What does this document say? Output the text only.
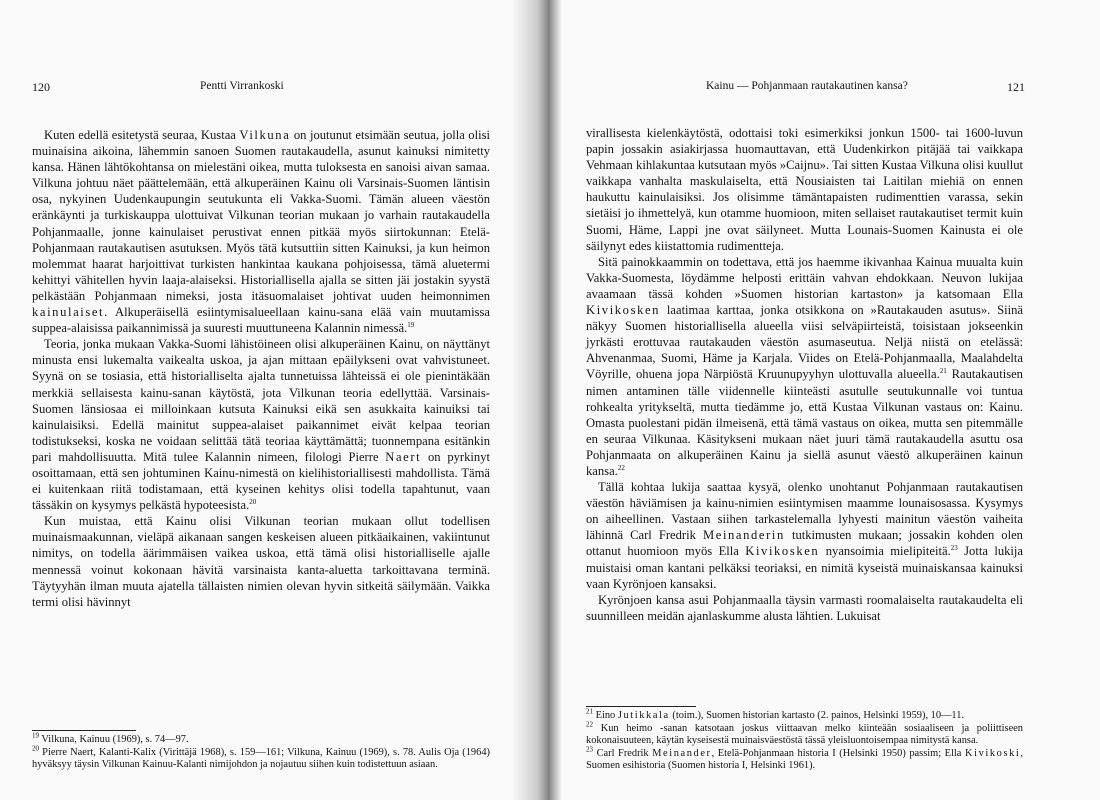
120	Pentti Virrankoski

Kuten edellä esitetystä seuraa, Kustaa Vilkuna on joutunut etsimään seutua, jolla olisi muinaisina aikoina, lähemmin sanoen Suomen rautakaudella, asunut kainuksi nimitetty kansa. Hänen lähtökohtansa on mielestäni oikea, mutta tuloksesta en sanoisi aivan samaa. Vilkuna johtuu näet päättelemään, että alkuperäinen Kainu oli Varsinais-Suomen läntisin osa, nykyinen Uudenkaupungin seutukunta eli Vakka-Suomi. Tämän alueen väestön eränkäynti ja turkiskauppa ulottuivat Vilkunan teorian mukaan jo varhain rautakaudella Pohjanmaalle, jonne kainulaiset perustivat ennen pitkää myös siirtokunnan: Etelä-Pohjanmaan rautakautisen asutuksen. Myös tätä kutsuttiin sitten Kainuksi, ja kun heimon molemmat haarat harjoittivat turkisten hankintaa kaukana pohjoisessa, tämä aluetermi kehittyi vähitellen hyvin laaja-alaiseksi. Historiallisella ajalla se sitten jäi jostakin syystä pelkästään Pohjanmaan nimeksi, josta itäsuomalaiset johtivat uuden heimonnimen kainulaiset. Alkuperäisellä esiintymisalueellaan kainu-sana elää vain muutamissa suppea-alaisissa paikannimissä ja suuresti muuttuneena Kalannin nimessä.$^{19}$

Teoria, jonka mukaan Vakka-Suomi lähistöineen olisi alkuperäinen Kainu, on näyttänyt minusta ensi lukemalta vaikealta uskoa, ja ajan mittaan epäilykseni ovat vahvistuneet. Syynä on se tosiasia, että historialliselta ajalta tunnetuissa lähteissä ei ole pienintäkään merkkiä sellaisesta kainu-sanan käytöstä, jota Vilkunan teoria edellyttää. Varsinais-Suomen länsiosaa ei milloinkaan kutsuta Kainuksi eikä sen asukkaita kainuiksi tai kainulaisiksi. Edellä mainitut suppea-alaiset paikannimet eivät kelpaa teorian todistukseksi, koska ne voidaan selittää tätä teoriaa käyttämättä; tuonnempana esitänkin pari mahdollisuutta. Mitä tulee Kalannin nimeen, filologi Pierre Naert on pyrkinyt osoittamaan, että sen johtuminen Kainu-nimestä on kielihistoriallisesti mahdollista. Tämä ei kuitenkaan riitä todistamaan, että kyseinen kehitys olisi todella tapahtunut, vaan tässäkin on kysymys pelkästä hypoteesista.$^{20}$

Kun muistaa, että Kainu olisi Vilkunan teorian mukaan ollut todellisen muinaismaakunnan, vieläpä aikanaan sangen keskeisen alueen pitkäaikainen, vakiintunut nimitys, on todella äärimmäisen vaikea uskoa, että tämä olisi historialliselle ajalle mennessä voinut kokonaan hävitä varsinaista kanta-aluetta tarkoittavana terminä. Täytyyhän ilman muuta ajatella tällaisten nimien olevan hyvin sitkeitä säilymään. Vaikka termi olisi hävinnyt

$^{19}$ Vilkuna, Kainuu (1969), s. 74—97.

$^{20}$ Pierre Naert, Kalanti-Kalix (Virittäjä 1968), s. 159—161; Vilkuna, Kainuu (1969), s. 78. Aulis Oja (1964) hyväksyy täysin Vilkunan Kainuu-Kalanti nimijohdon ja nojautuu siihen kuin todistettuun asiaan.

Kainu — Pohjanmaan rautakautinen kansa?	121

virallisesta kielenkäytöstä, odottaisi toki esimerkiksi jonkun 1500- tai 1600-luvun papin jossakin asiakirjassa huomauttavan, että Uudenkirkon pitäjää tai vaikkapa Vehmaan kihlakuntaa kutsutaan myös »Caijnu». Tai sitten Kustaa Vilkuna olisi kuullut vaikkapa vanhalta maskulaiselta, että Nousiaisten tai Laitilan miehiä on ennen haukuttu kainulaisiksi. Jos olisimme tämäntapaisten rudimenttien varassa, sekin sietäisi jo ihmettelyä, kun otamme huomioon, miten sellaiset rautakautiset termit kuin Suomi, Häme, Lappi jne ovat säilyneet. Mutta Lounais-Suomen Kainusta ei ole säilynyt edes kiistattomia rudimentteja.

Sitä painokkaammin on todettava, että jos haemme ikivanhaa Kainua muualta kuin Vakka-Suomesta, löydämme helposti erittäin vahvan ehdokkaan. Neuvon lukijaa avaamaan tässä kohden »Suomen historian kartaston» ja katsomaan Ella Kivikosken laatimaa karttaa, jonka otsikkona on »Rautakauden asutus». Siinä näkyy Suomen historiallisella alueella viisi selväpiirteistä, toisistaan jokseenkin jyrkästi erottuvaa rautakauden väestön asumaseutua. Neljä niistä on etelässä: Ahvenanmaa, Suomi, Häme ja Karjala. Viides on Etelä-Pohjanmaalla, Maalahdelta Vöyrille, ohuena jopa Närpiöstä Kruunupyyhyn ulottuvalla alueella.$^{21}$ Rautakautisen nimen antaminen tälle viidennelle kiinteästi asutulle seutukunnalle voi tuntua rohkealta yritykseltä, mutta tiedämme jo, että Kustaa Vilkunan vastaus on: Kainu. Omasta puolestani pidän ilmeisenä, että tämä vastaus on oikea, mutta sen pitemmälle en seuraa Vilkunaa. Käsitykseni mukaan näet juuri tämä rautakaudella asuttu osa Pohjanmaata on alkuperäinen Kainu ja siellä asunut väestö alkuperäinen kainun kansa.$^{22}$

Tällä kohtaa lukija saattaa kysyä, olenko unohtanut Pohjanmaan rautakautisen väestön häviämisen ja kainu-nimien esiintymisen maamme lounaisosassa. Kysymys on aiheellinen. Vastaan siihen tarkastelemalla lyhyesti mainitun väestön vaiheita lähinnä Carl Fredrik Meinanderin tutkimusten mukaan; jossakin kohden olen ottanut huomioon myös Ella Kivikosken nyansoimia mielipiteitä.$^{23}$ Jotta lukija muistaisi oman kantani pelkäksi teoriaksi, en nimitä kyseistä muinaiskansaa kainuksi vaan Kyrönjoen kansaksi.

Kyrönjoen kansa asui Pohjanmaalla täysin varmasti roomalaiselta rautakaudelta eli suunnilleen meidän ajanlaskumme alusta lähtien. Lukuisat

$^{21}$ Eino Jutikkala (toim.), Suomen historian kartasto (2. painos, Helsinki 1959), 10—11.

$^{22}$ Kun heimo -sanan katsotaan joskus viittaavan melko kiinteään sosiaaliseen ja poliittiseen kokonaisuuteen, käytän kyseisestä muinaisväestöstä tässä yleisluontoisempaa nimitystä kansa.

$^{23}$ Carl Fredrik Meinander, Etelä-Pohjanmaan historia I (Helsinki 1950) passim; Ella Kivikoski, Suomen esihistoria (Suomen historia I, Helsinki 1961).
